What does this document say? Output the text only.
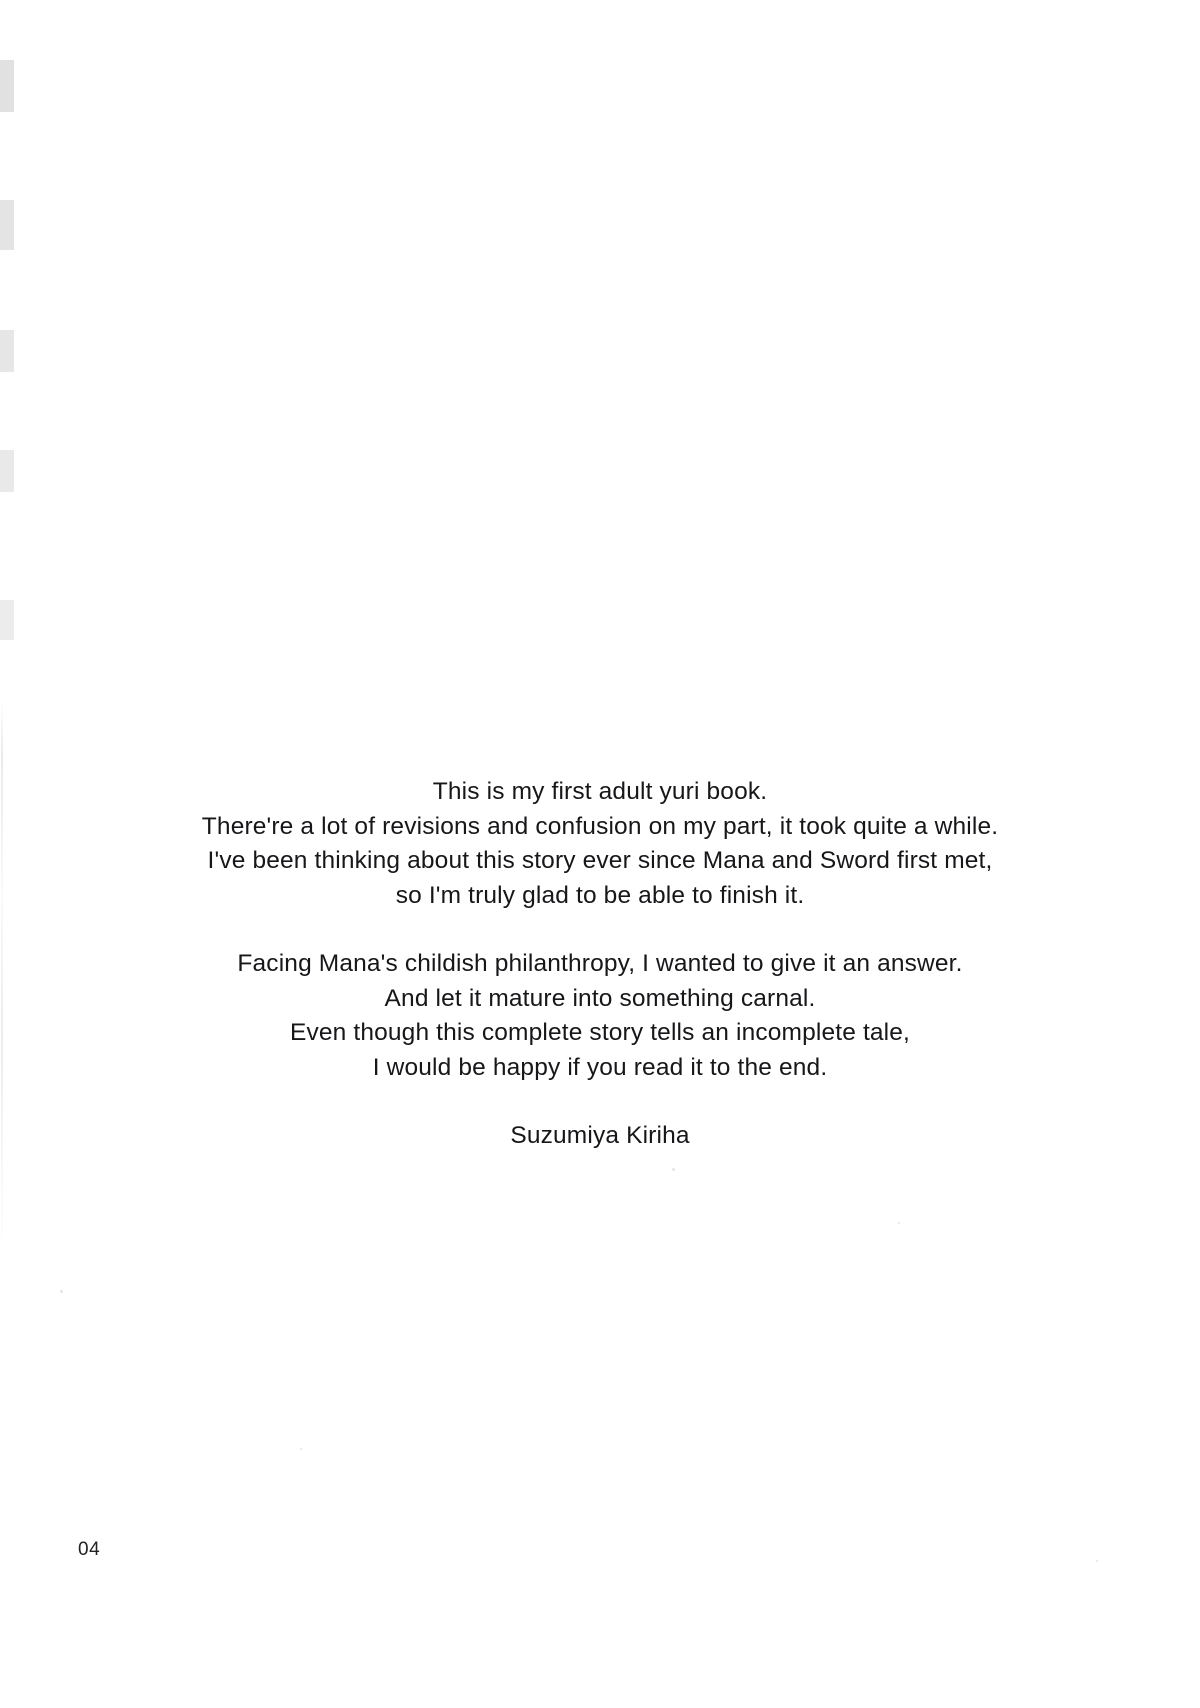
This is my first adult yuri book.

There're a lot of revisions and confusion on my part, it took quite a while.

I've been thinking about this story ever since Mana and Sword first met,

so I'm truly glad to be able to finish it.

Facing Mana's childish philanthropy, I wanted to give it an answer.

And let it mature into something carnal.

Even though this complete story tells an incomplete tale,

I would be happy if you read it to the end.

Suzumiya Kiriha

04
